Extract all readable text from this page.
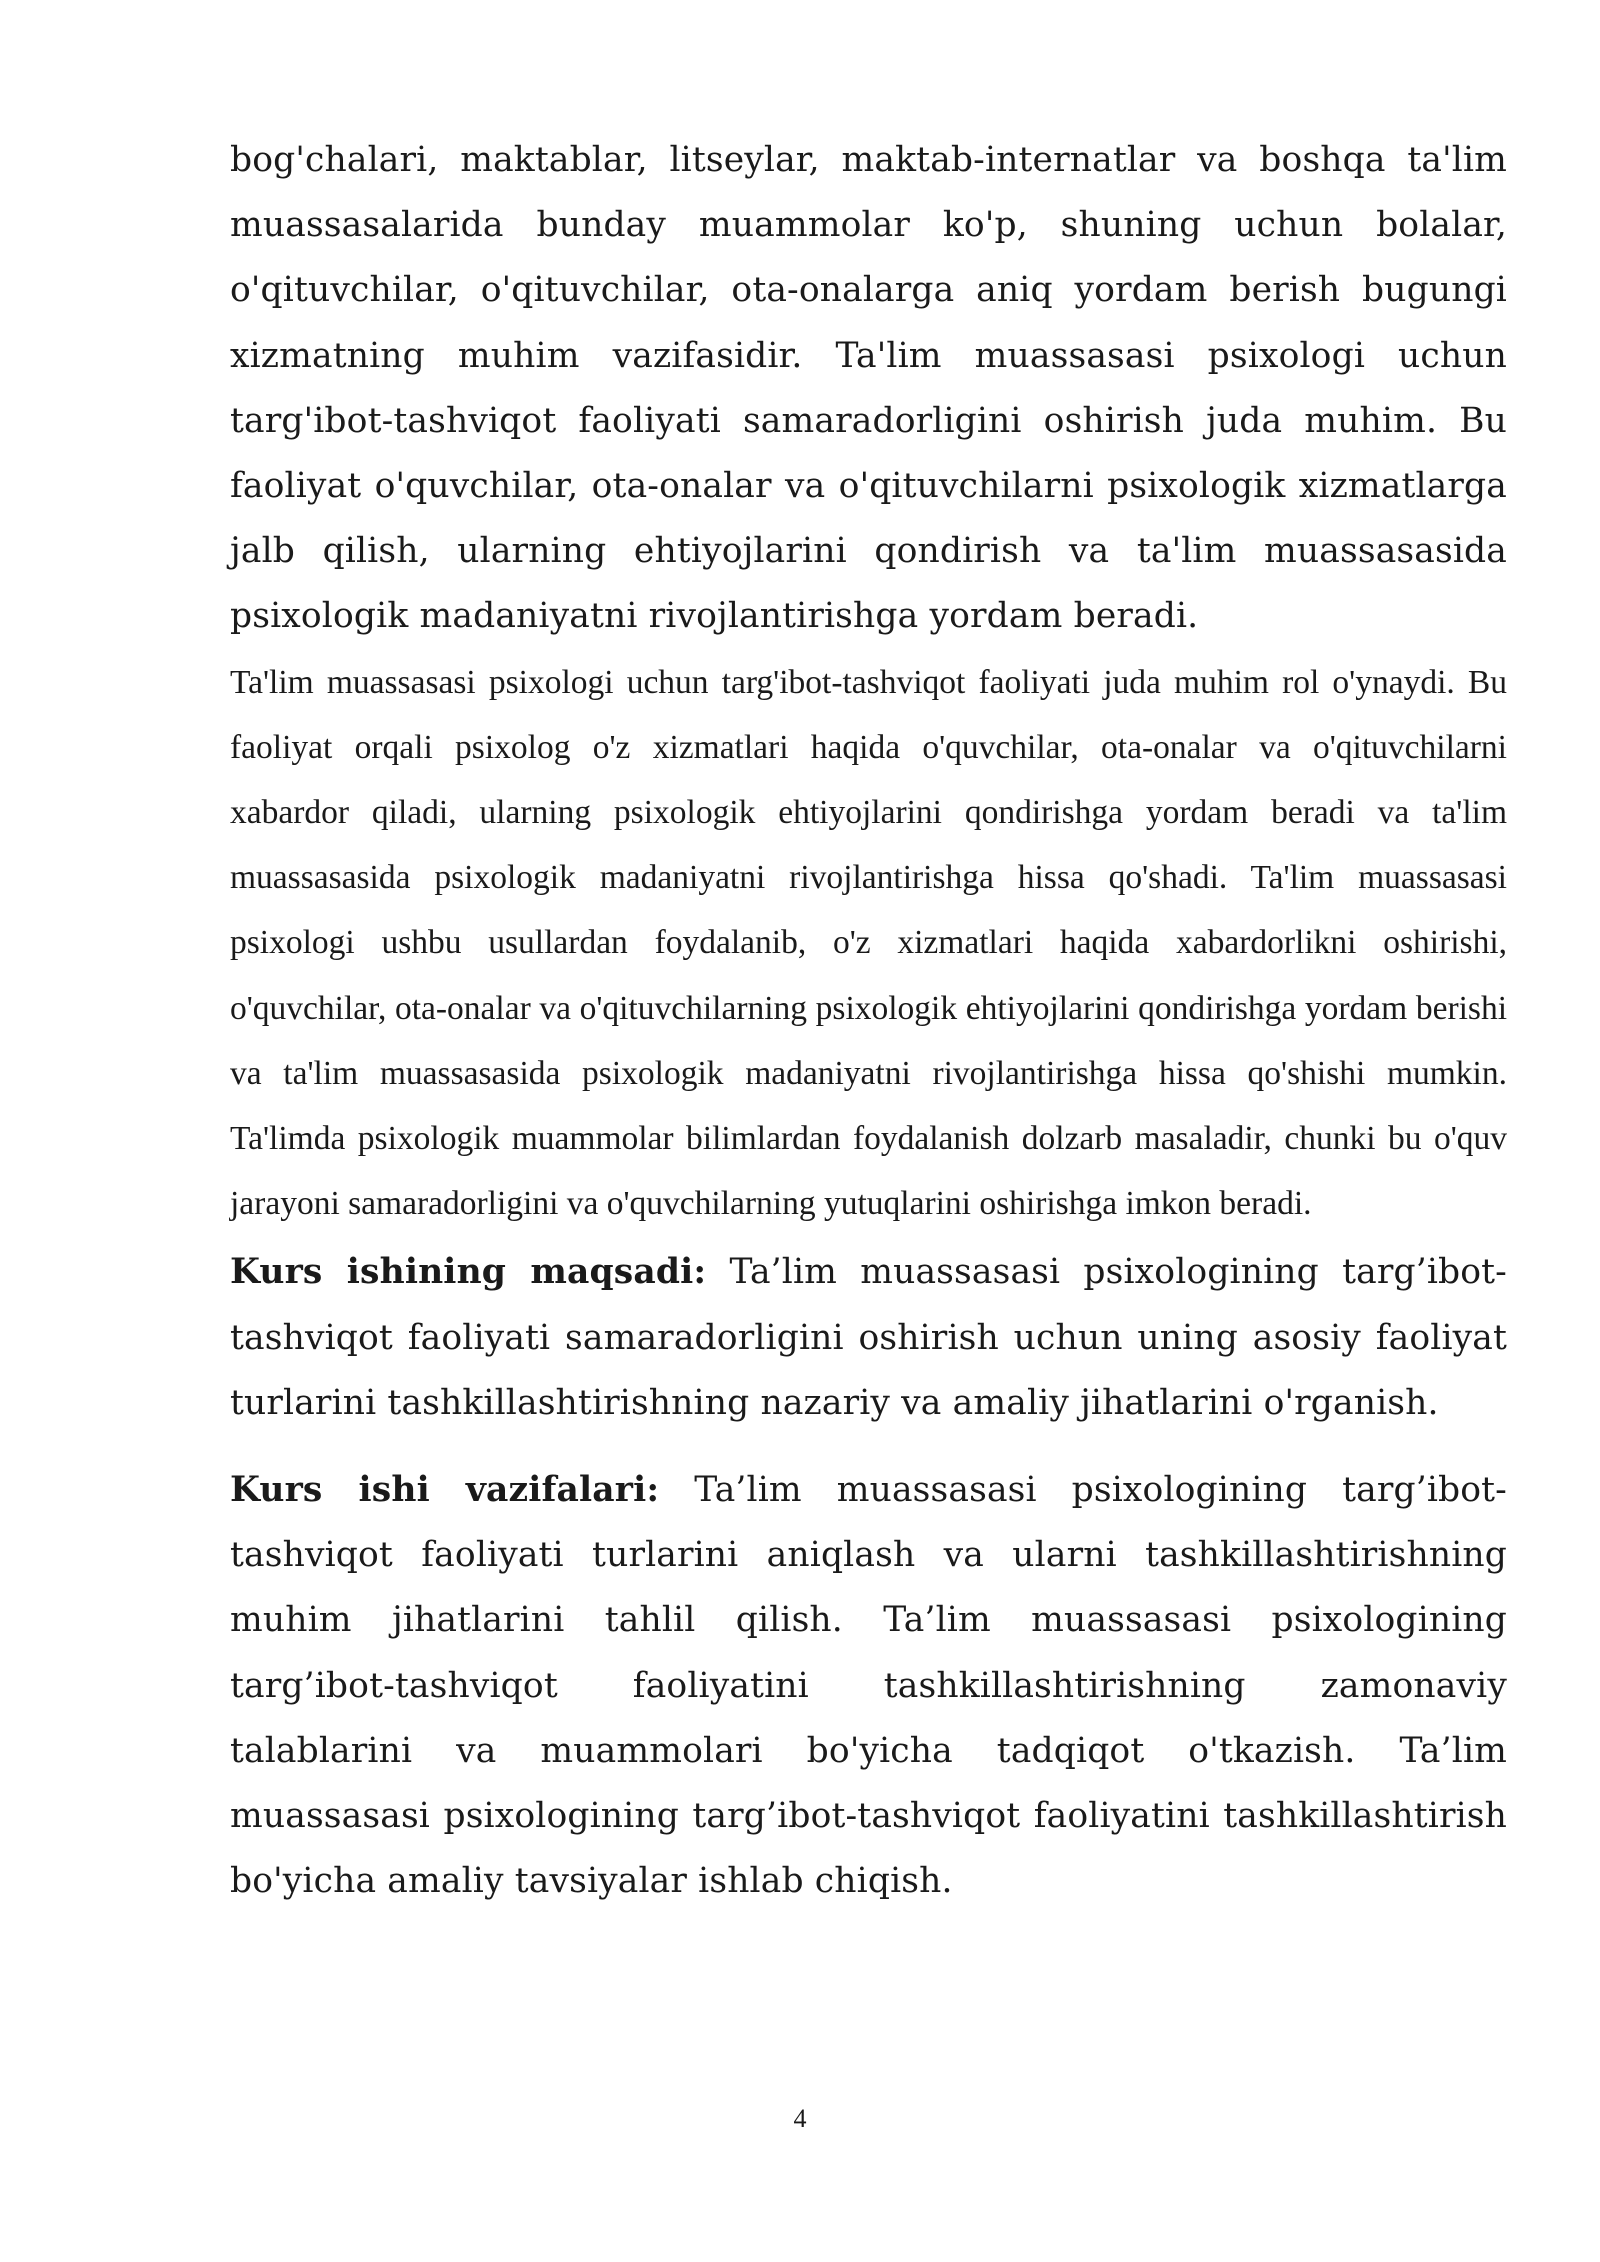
bog'chalari, maktablar, litseylar, maktab-internatlar va boshqa ta'lim muassasalarida bunday muammolar ko'p, shuning uchun bolalar, o'qituvchilar, o'qituvchilar, ota-onalarga aniq yordam berish bugungi xizmatning muhim vazifasidir. Ta'lim muassasasi psixologi uchun targ'ibot-tashviqot faoliyati samaradorligini oshirish juda muhim. Bu faoliyat o'quvchilar, ota-onalar va o'qituvchilarni psixologik xizmatlarga jalb qilish, ularning ehtiyojlarini qondirish va ta'lim muassasasida psixologik madaniyatni rivojlantirishga yordam beradi.

Ta'lim muassasasi psixologi uchun targ'ibot-tashviqot faoliyati juda muhim rol o'ynaydi. Bu faoliyat orqali psixolog o'z xizmatlari haqida o'quvchilar, ota-onalar va o'qituvchilarni xabardor qiladi, ularning psixologik ehtiyojlarini qondirishga yordam beradi va ta'lim muassasasida psixologik madaniyatni rivojlantirishga hissa qo'shadi. Ta'lim muassasasi psixologi ushbu usullardan foydalanib, o'z xizmatlari haqida xabardorlikni oshirishi, o'quvchilar, ota-onalar va o'qituvchilarning psixologik ehtiyojlarini qondirishga yordam berishi va ta'lim muassasasida psixologik madaniyatni rivojlantirishga hissa qo'shishi mumkin. Ta'limda psixologik muammolar bilimlardan foydalanish dolzarb masaladir, chunki bu o'quv jarayoni samaradorligini va o'quvchilarning yutuqlarini oshirishga imkon beradi.

Kurs ishining maqsadi: Ta’lim muassasasi psixologining targ’ibot-tashviqot faoliyati samaradorligini oshirish uchun uning asosiy faoliyat turlarini tashkillashtirishning nazariy va amaliy jihatlarini o'rganish.

Kurs ishi vazifalari: Ta’lim muassasasi psixologining targ’ibot-tashviqot faoliyati turlarini aniqlash va ularni tashkillashtirishning muhim jihatlarini tahlil qilish. Ta’lim muassasasi psixologining targ’ibot-tashviqot faoliyatini tashkillashtirishning zamonaviy talablarini va muammolari bo'yicha tadqiqot o'tkazish. Ta’lim muassasasi psixologining targ’ibot-tashviqot faoliyatini tashkillashtirish bo'yicha amaliy tavsiyalar ishlab chiqish.

4
